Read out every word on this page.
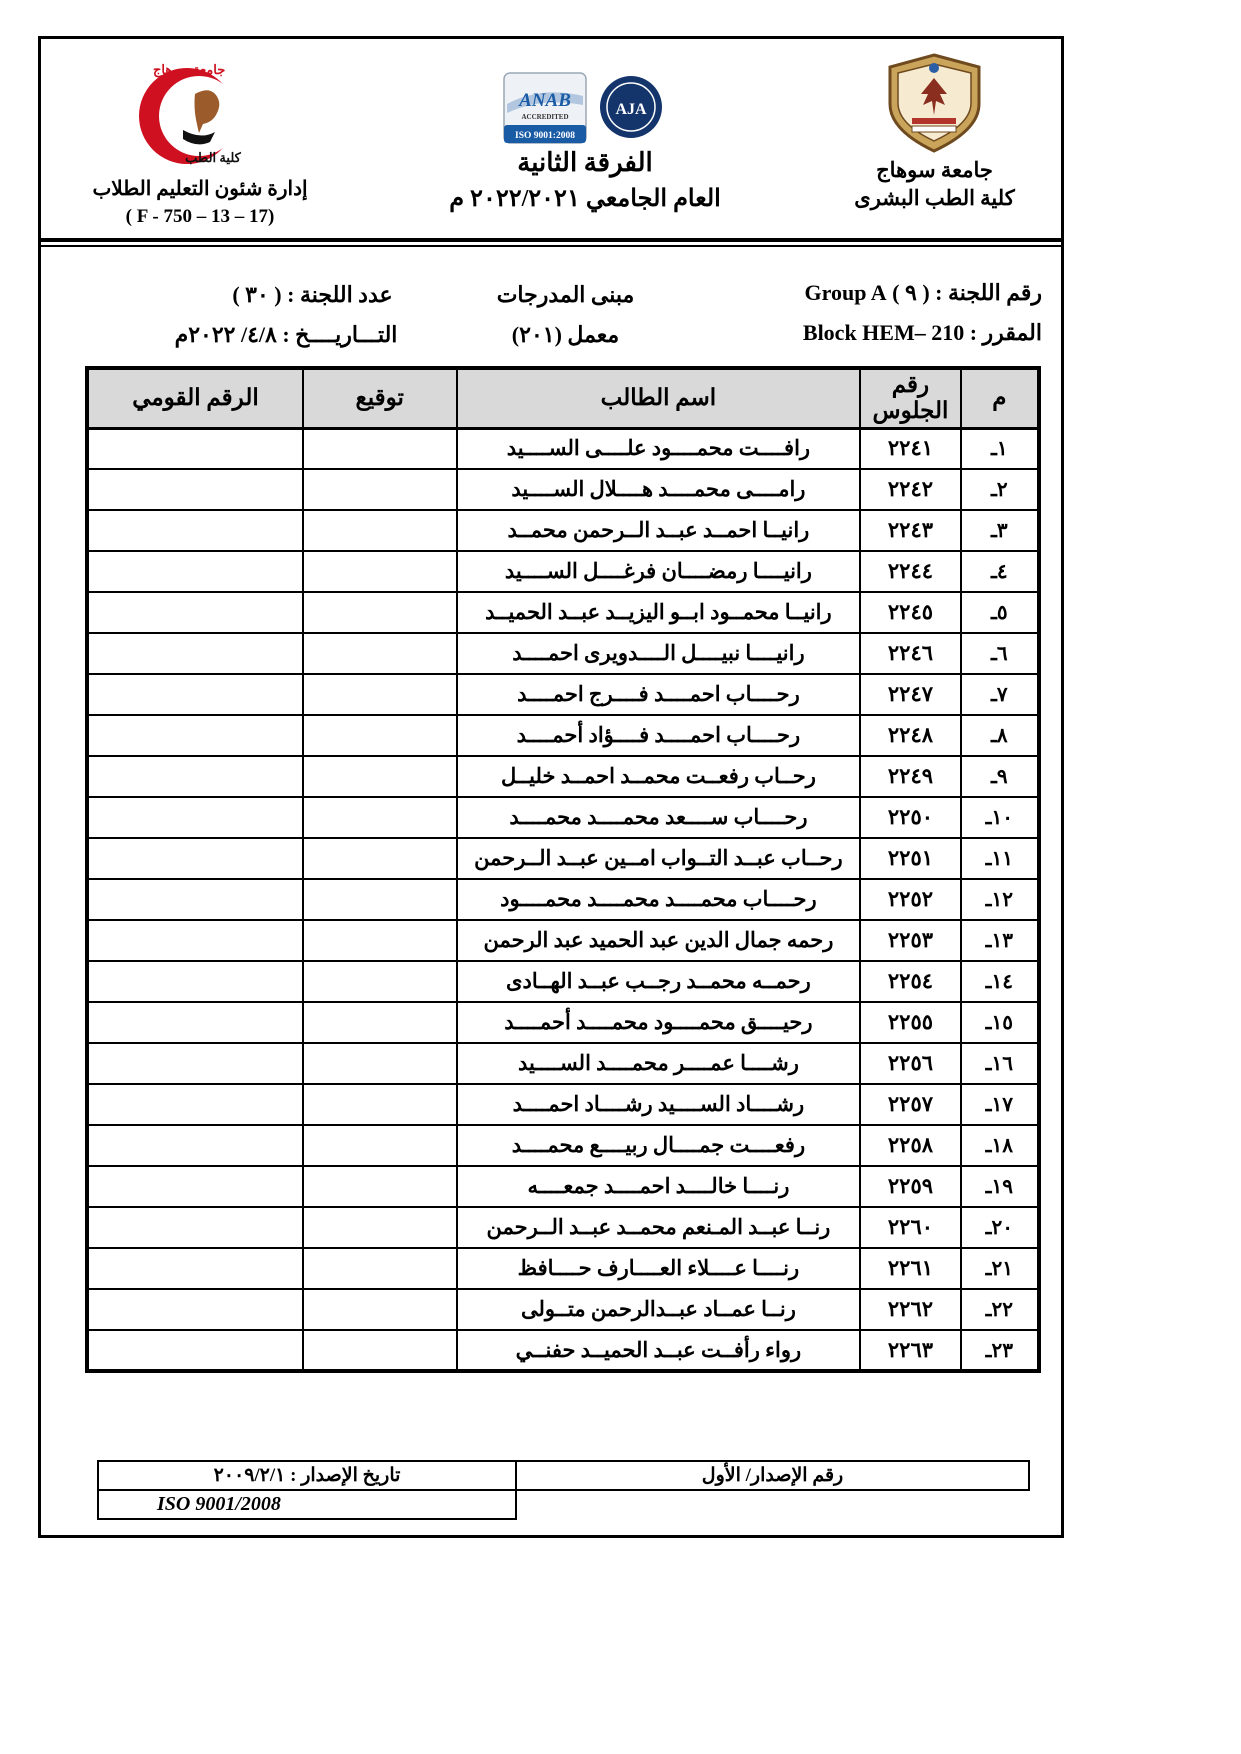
جامعة سوهاج
كلية الطب
إدارة شئون التعليم الطلاب
( F - 750 – 13 – 17)
ANAB
ACCREDITED
ISO 9001:2008
AJA
الفرقة الثانية
العام الجامعي ٢٠٢٢/٢٠٢١ م
جامعة سوهاج
كلية الطب البشرى
رقم اللجنة : ( ٩ ) Group A
مبنى المدرجات
عدد اللجنة : ( ٣٠ )
المقرر : Block HEM– 210
معمل (٢٠١)
التـــاريــــخ : ٤/٨/ ٢٠٢٢م
م	رقم الجلوس	اسم الطالب	توقيع	الرقم القومي
١ـ	٢٢٤١	رافــــت محمــــود علــــى الســــيد		
٢ـ	٢٢٤٢	رامــــى محمــــد هــــلال الســــيد		
٣ـ	٢٢٤٣	رانيــا احمــد عبــد الــرحمن محمــد		
٤ـ	٢٢٤٤	رانيــــا رمضــــان فرغــــل الســــيد		
٥ـ	٢٢٤٥	رانيــا محمــود ابــو اليزيــد عبــد الحميــد		
٦ـ	٢٢٤٦	رانيــــا نبيــــل الــــدويرى احمــــد		
٧ـ	٢٢٤٧	رحــــاب احمــــد فــــرج احمــــد		
٨ـ	٢٢٤٨	رحــــاب احمــــد فــــؤاد أحمــــد		
٩ـ	٢٢٤٩	رحــاب رفعــت محمــد احمــد خليــل		
١٠ـ	٢٢٥٠	رحــــاب ســــعد محمــــد محمــــد		
١١ـ	٢٢٥١	رحــاب عبــد التــواب امــين عبــد الــرحمن		
١٢ـ	٢٢٥٢	رحــــاب محمــــد محمــــد محمــــود		
١٣ـ	٢٢٥٣	رحمه جمال الدين عبد الحميد عبد الرحمن		
١٤ـ	٢٢٥٤	رحمــه محمــد رجــب عبــد الهــادى		
١٥ـ	٢٢٥٥	رحيــــق محمــــود محمــــد أحمــــد		
١٦ـ	٢٢٥٦	رشــــا عمــــر محمــــد الســــيد		
١٧ـ	٢٢٥٧	رشــــاد الســــيد رشــــاد احمــــد		
١٨ـ	٢٢٥٨	رفعــــت جمــــال ربيــــع محمــــد		
١٩ـ	٢٢٥٩	رنــــا خالــــد احمــــد جمعــــه		
٢٠ـ	٢٢٦٠	رنــا عبــد المـنعم محمــد عبــد الــرحمن		
٢١ـ	٢٢٦١	رنــــا عــــلاء العــــارف حــــافظ		
٢٢ـ	٢٢٦٢	رنــا عمــاد عبــدالرحمن متــولى		
٢٣ـ	٢٢٦٣	رواء رأفــت عبــد الحميــد حفنــي		
رقم الإصدار/ الأول
تاريخ الإصدار : ٢٠٠٩/٢/١
ISO 9001/2008
